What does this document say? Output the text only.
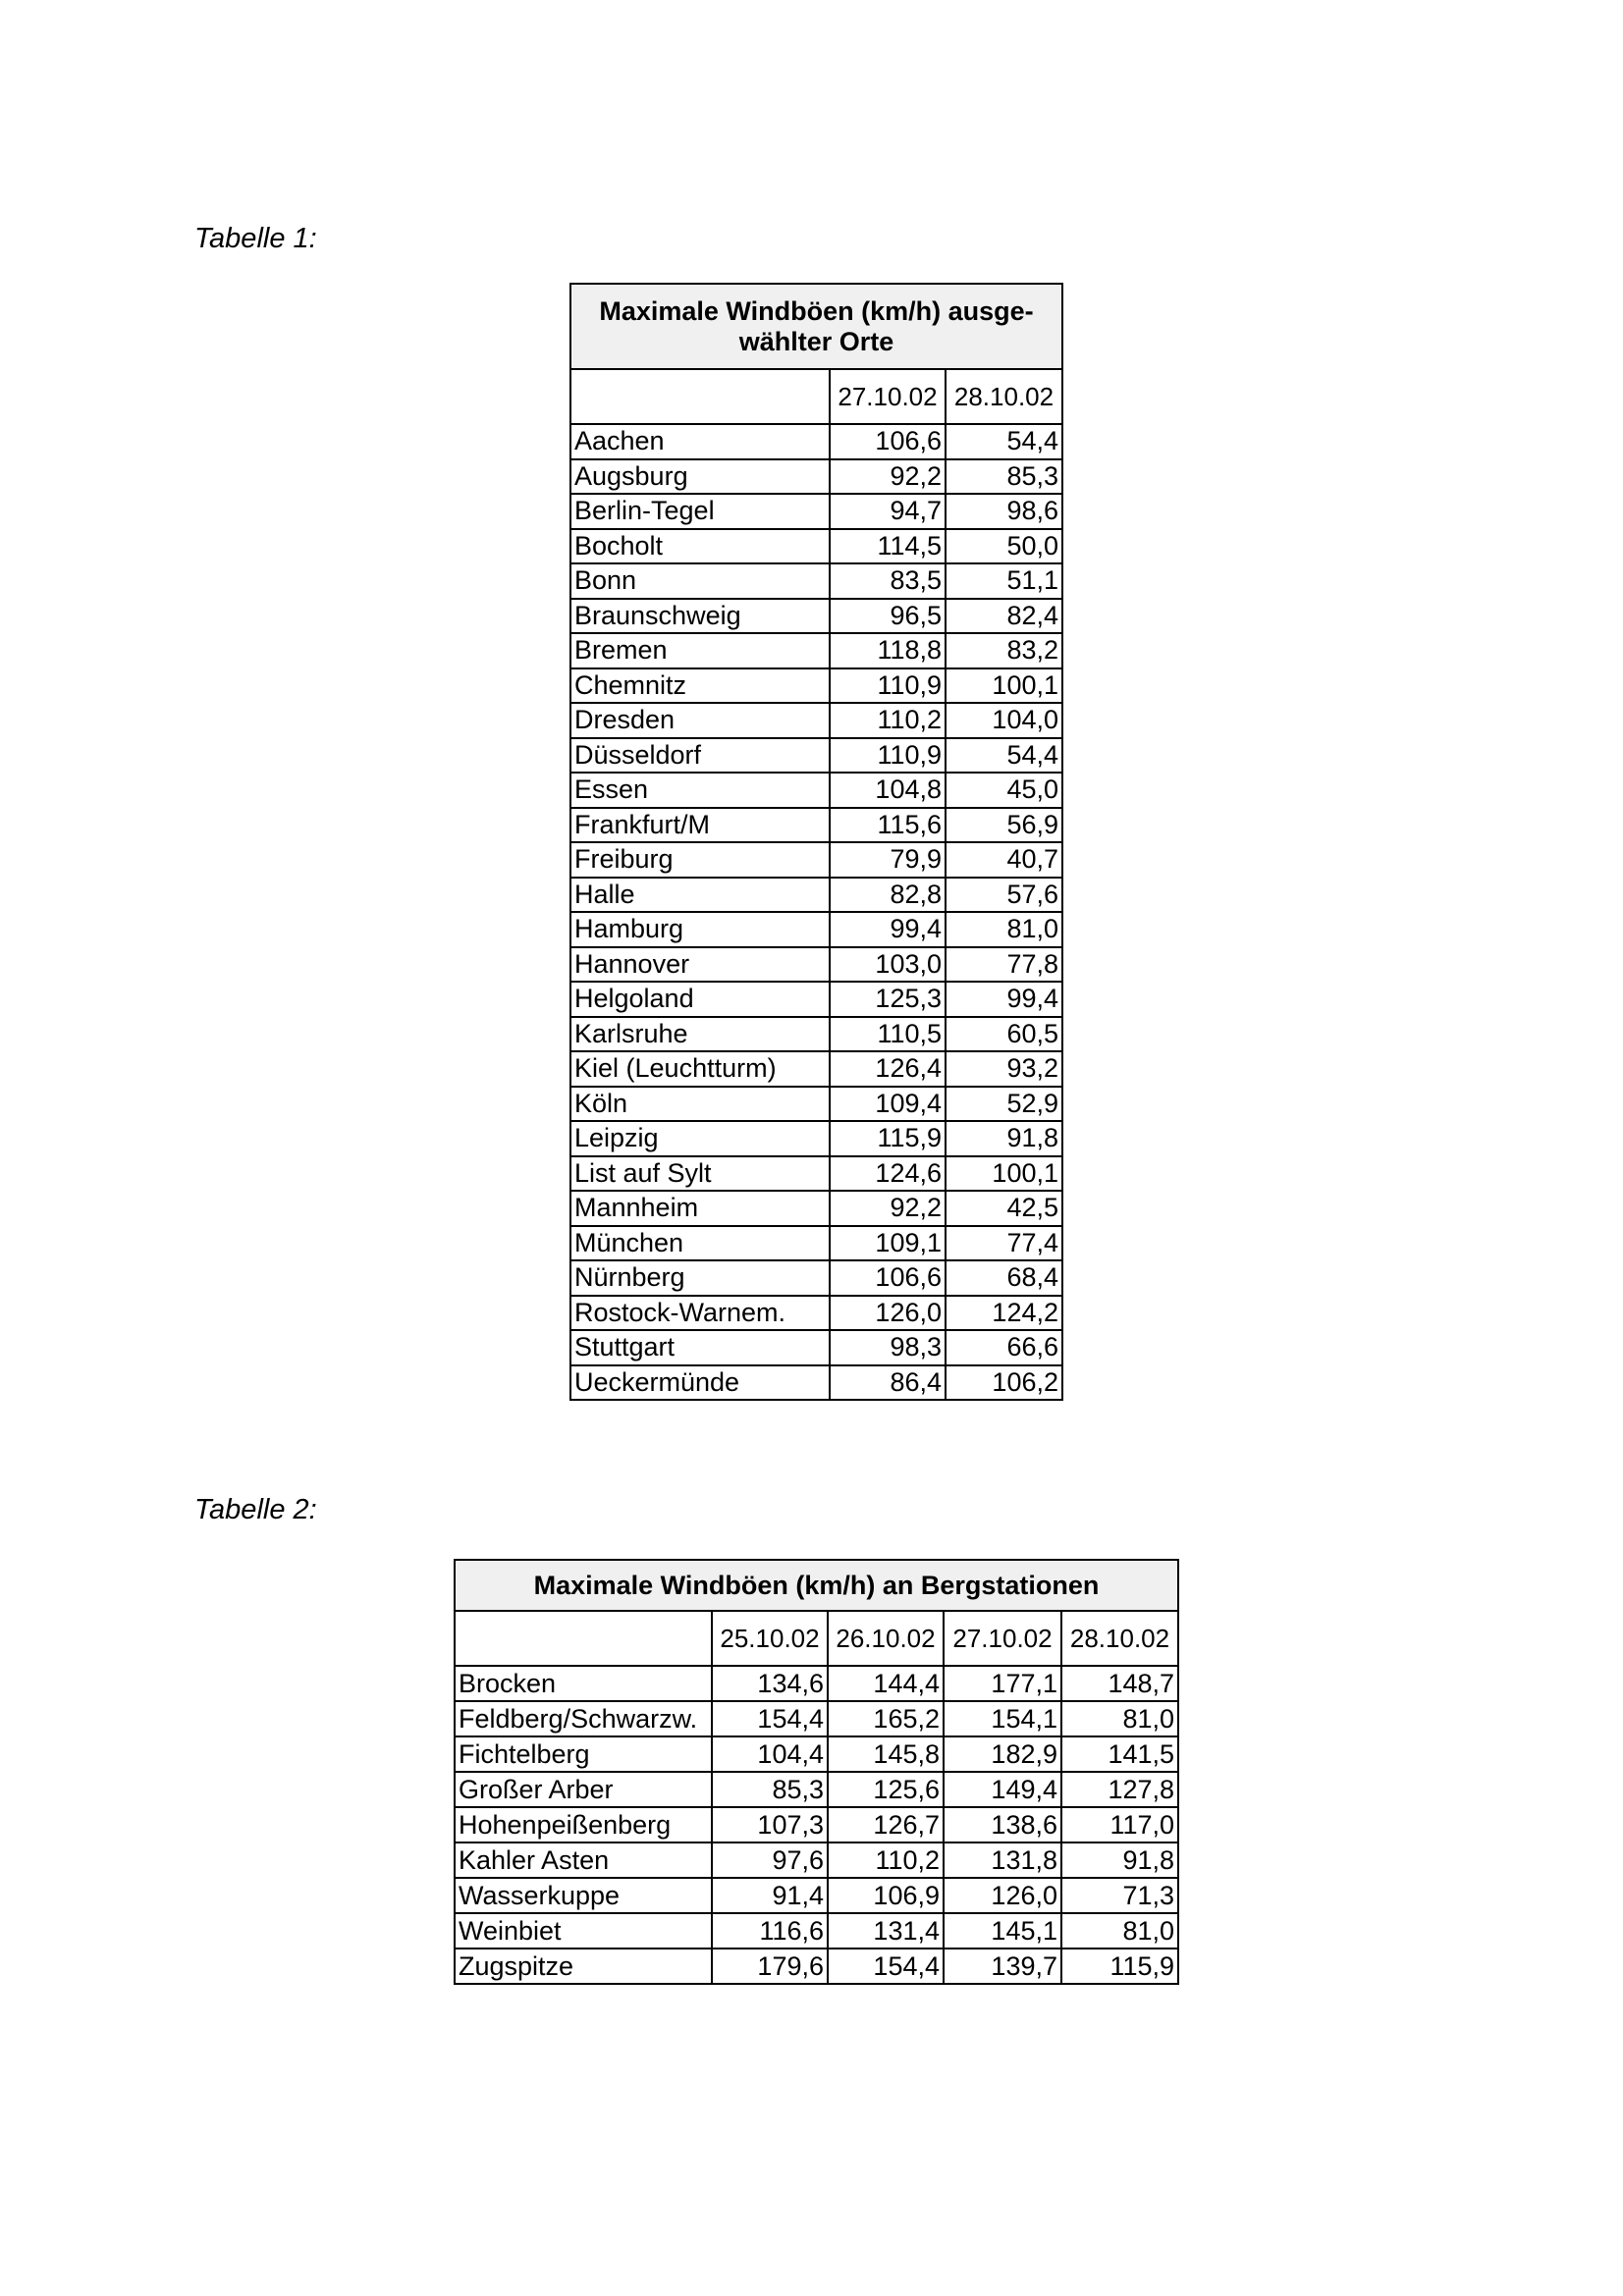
Tabelle 1:
Maximale Windböen (km/h) ausge-
wählter Orte		
	27.10.02	28.10.02
Aachen	106,6	54,4
Augsburg	92,2	85,3
Berlin-Tegel	94,7	98,6
Bocholt	114,5	50,0
Bonn	83,5	51,1
Braunschweig	96,5	82,4
Bremen	118,8	83,2
Chemnitz	110,9	100,1
Dresden	110,2	104,0
Düsseldorf	110,9	54,4
Essen	104,8	45,0
Frankfurt/M	115,6	56,9
Freiburg	79,9	40,7
Halle	82,8	57,6
Hamburg	99,4	81,0
Hannover	103,0	77,8
Helgoland	125,3	99,4
Karlsruhe	110,5	60,5
Kiel (Leuchtturm)	126,4	93,2
Köln	109,4	52,9
Leipzig	115,9	91,8
List auf Sylt	124,6	100,1
Mannheim	92,2	42,5
München	109,1	77,4
Nürnberg	106,6	68,4
Rostock-Warnem.	126,0	124,2
Stuttgart	98,3	66,6
Ueckermünde	86,4	106,2
Tabelle 2:
Maximale Windböen (km/h) an Bergstationen				
	25.10.02	26.10.02	27.10.02	28.10.02
Brocken	134,6	144,4	177,1	148,7
Feldberg/Schwarzw.	154,4	165,2	154,1	81,0
Fichtelberg	104,4	145,8	182,9	141,5
Großer Arber	85,3	125,6	149,4	127,8
Hohenpeißenberg	107,3	126,7	138,6	117,0
Kahler Asten	97,6	110,2	131,8	91,8
Wasserkuppe	91,4	106,9	126,0	71,3
Weinbiet	116,6	131,4	145,1	81,0
Zugspitze	179,6	154,4	139,7	115,9
